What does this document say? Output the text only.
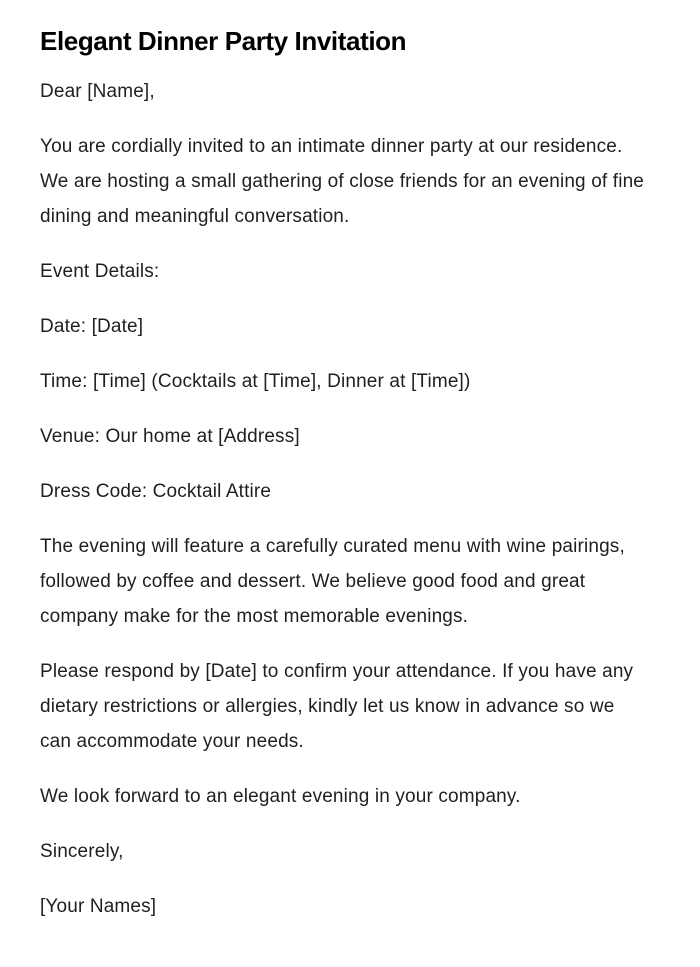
Elegant Dinner Party Invitation

Dear [Name],

You are cordially invited to an intimate dinner party at our residence. We are hosting a small gathering of close friends for an evening of fine dining and meaningful conversation.

Event Details:

Date: [Date]

Time: [Time] (Cocktails at [Time], Dinner at [Time])

Venue: Our home at [Address]

Dress Code: Cocktail Attire

The evening will feature a carefully curated menu with wine pairings, followed by coffee and dessert. We believe good food and great company make for the most memorable evenings.

Please respond by [Date] to confirm your attendance. If you have any dietary restrictions or allergies, kindly let us know in advance so we can accommodate your needs.

We look forward to an elegant evening in your company.

Sincerely,

[Your Names]
